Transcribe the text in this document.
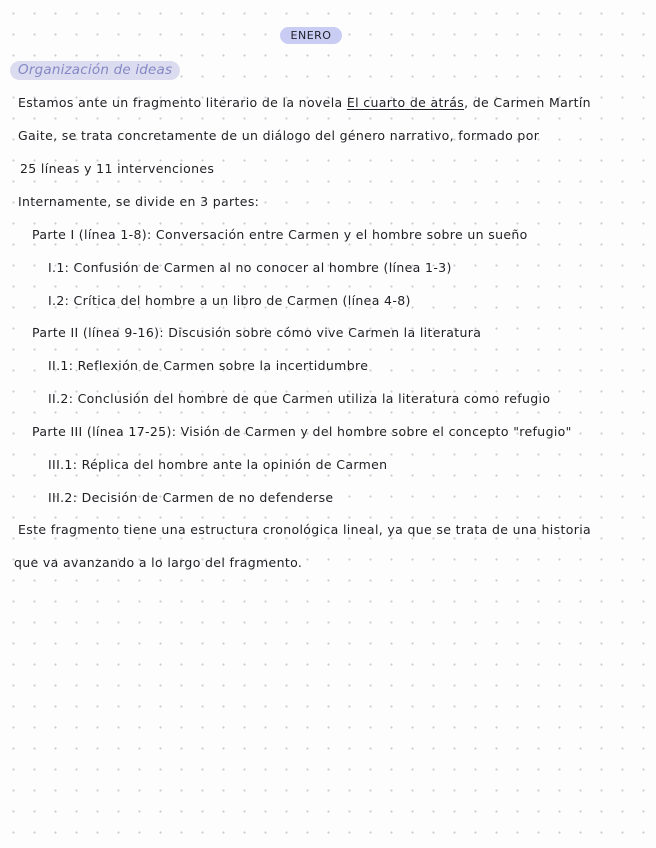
ENERO
Organización de ideas
Estamos ante un fragmento literario de la novela El cuarto de atrás, de Carmen Martín
Gaite, se trata concretamente de un diálogo del género narrativo, formado por
25 líneas y 11 intervenciones
Internamente, se divide en 3 partes:
Parte I (línea 1-8): Conversación entre Carmen y el hombre sobre un sueño
I.1: Confusión de Carmen al no conocer al hombre (línea 1-3)
I.2: Crítica del hombre a un libro de Carmen (línea 4-8)
Parte II (línea 9-16): Discusión sobre cómo vive Carmen la literatura
II.1: Reflexión de Carmen sobre la incertidumbre
II.2: Conclusión del hombre de que Carmen utiliza la literatura como refugio
Parte III (línea 17-25): Visión de Carmen y del hombre sobre el concepto "refugio"
III.1: Réplica del hombre ante la opinión de Carmen
III.2: Decisión de Carmen de no defenderse
Este fragmento tiene una estructura cronológica lineal, ya que se trata de una historia
que va avanzando a lo largo del fragmento.
